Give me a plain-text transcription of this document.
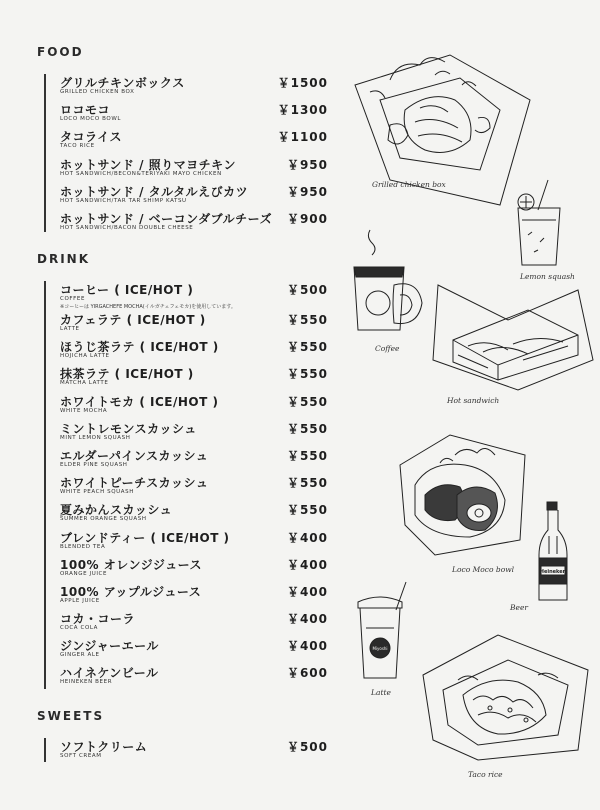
FOOD
グリルチキンボックス
GRILLED CHICKEN BOX
￥1500
ロコモコ
LOCO MOCO BOWL
￥1300
タコライス
TACO RICE
￥1100
ホットサンド / 照りマヨチキン
HOT SANDWICH/BECON&TERIYAKI MAYO CHICKEN
￥950
ホットサンド / タルタルえびカツ
HOT SANDWICH/TAR TAR SHIMP KATSU
￥950
ホットサンド / ベーコンダブルチーズ
HOT SANDWICH/BACON DOUBLE CHEESE
￥900
DRINK
コーヒー ( ICE/HOT )
COFFEE
※コーヒーは YIRGACHEFE MOCHA(イルガチェフェモカ)を使用しています。
￥500
カフェラテ ( ICE/HOT )
LATTE
￥550
ほうじ茶ラテ ( ICE/HOT )
HOJICHA LATTE
￥550
抹茶ラテ ( ICE/HOT )
MATCHA LATTE
￥550
ホワイトモカ ( ICE/HOT )
WHITE MOCHA
￥550
ミントレモンスカッシュ
MINT LEMON SQUASH
￥550
エルダーパインスカッシュ
ELDER PINE SQUASH
￥550
ホワイトピーチスカッシュ
WHITE PEACH SQUASH
￥550
夏みかんスカッシュ
SUMMER ORANGE SQUASH
￥550
ブレンドティー ( ICE/HOT )
BLENDED TEA
￥400
100% オレンジジュース
ORANGE JUICE
￥400
100% アップルジュース
APPLE JUICE
￥400
コカ・コーラ
COCA COLA
￥400
ジンジャーエール
GINGER ALE
￥400
ハイネケンビール
HEINEKEN BEER
￥600
SWEETS
ソフトクリーム
SOFT CREAM
￥500
Grilled chicken box
Lemon squash
Coffee
Hot sandwich
Loco Moco bowl	Heineken
Beer
Miyoshi
Latte
Taco rice
